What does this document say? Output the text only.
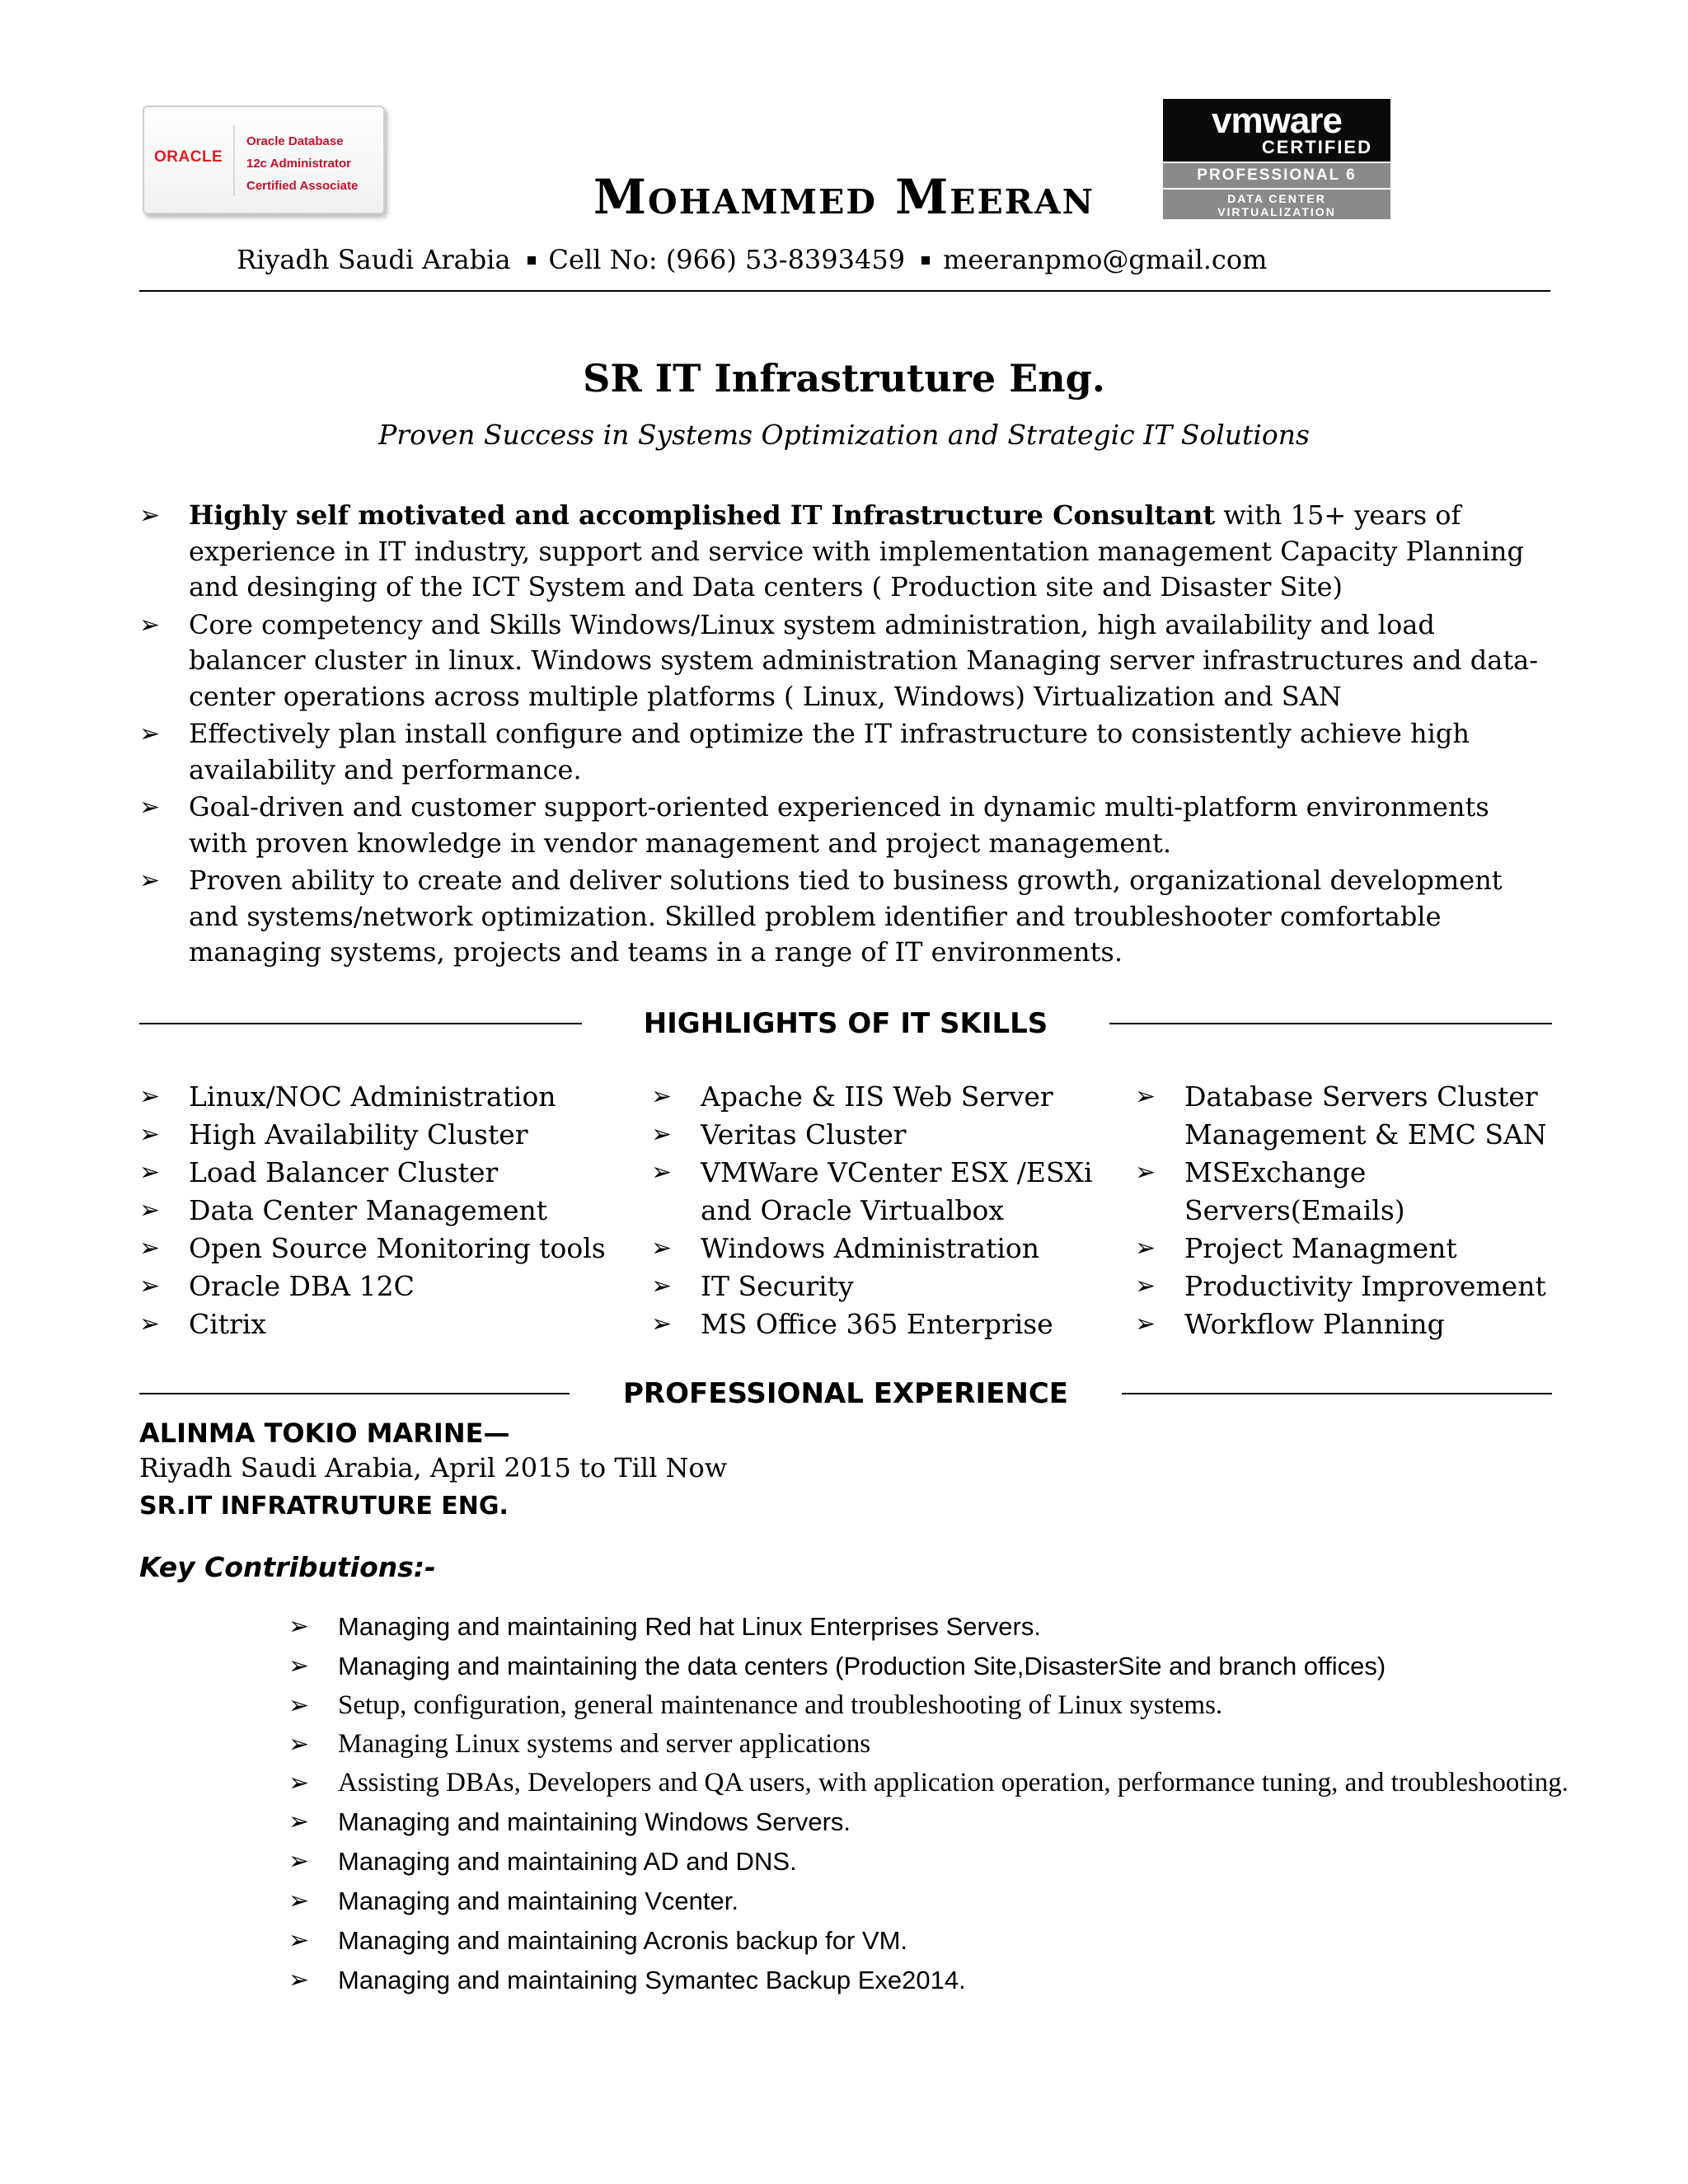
ORACLE
Oracle Database
12c Administrator
Certified Associate
vmware
CERTIFIED
PROFESSIONAL 6
DATA CENTER
VIRTUALIZATION
Mohammed Meeran
Riyadh Saudi Arabia Cell No: (966) 53-8393459 meeranpmo@gmail.com
SR IT Infrastruture Eng.
Proven Success in Systems Optimization and Strategic IT Solutions
➢ Highly self motivated and accomplished IT Infrastructure Consultant with 15+ years of experience in IT industry, support and service with implementation management Capacity Planning and desinging of the ICT System and Data centers ( Production site and Disaster Site)
➢ Core competency and Skills Windows/Linux system administration, high availability and load balancer cluster in linux. Windows system administration Managing server infrastructures and data-center operations across multiple platforms ( Linux, Windows) Virtualization and SAN
➢ Effectively plan install configure and optimize the IT infrastructure to consistently achieve high availability and performance.
➢ Goal-driven and customer support-oriented experienced in dynamic multi-platform environments with proven knowledge in vendor management and project management.
➢ Proven ability to create and deliver solutions tied to business growth, organizational development and systems/network optimization. Skilled problem identifier and troubleshooter comfortable managing systems, projects and teams in a range of IT environments.
HIGHLIGHTS OF IT SKILLS
➢ Linux/NOC Administration
➢ High Availability Cluster
➢ Load Balancer Cluster
➢ Data Center Management
➢ Open Source Monitoring tools
➢ Oracle DBA 12C
➢ Citrix
➢ Apache & IIS Web Server
➢ Veritas Cluster
➢ VMWare VCenter ESX /ESXi and Oracle Virtualbox
➢ Windows Administration
➢ IT Security
➢ MS Office 365 Enterprise
➢ Database Servers Cluster Management & EMC SAN
➢ MSExchange Servers(Emails)
➢ Project Managment
➢ Productivity Improvement
➢ Workflow Planning
PROFESSIONAL EXPERIENCE
ALINMA TOKIO MARINE—
Riyadh Saudi Arabia, April 2015 to Till Now
SR.IT INFRATRUTURE ENG.
Key Contributions:-
➢ Managing and maintaining Red hat Linux Enterprises Servers.
➢ Managing and maintaining the data centers (Production Site,DisasterSite and branch offices)
➢ Setup, configuration, general maintenance and troubleshooting of Linux systems.
➢ Managing Linux systems and server applications
➢ Assisting DBAs, Developers and QA users, with application operation, performance tuning, and troubleshooting.
➢ Managing and maintaining Windows Servers.
➢ Managing and maintaining AD and DNS.
➢ Managing and maintaining Vcenter.
➢ Managing and maintaining Acronis backup for VM.
➢ Managing and maintaining Symantec Backup Exe2014.
